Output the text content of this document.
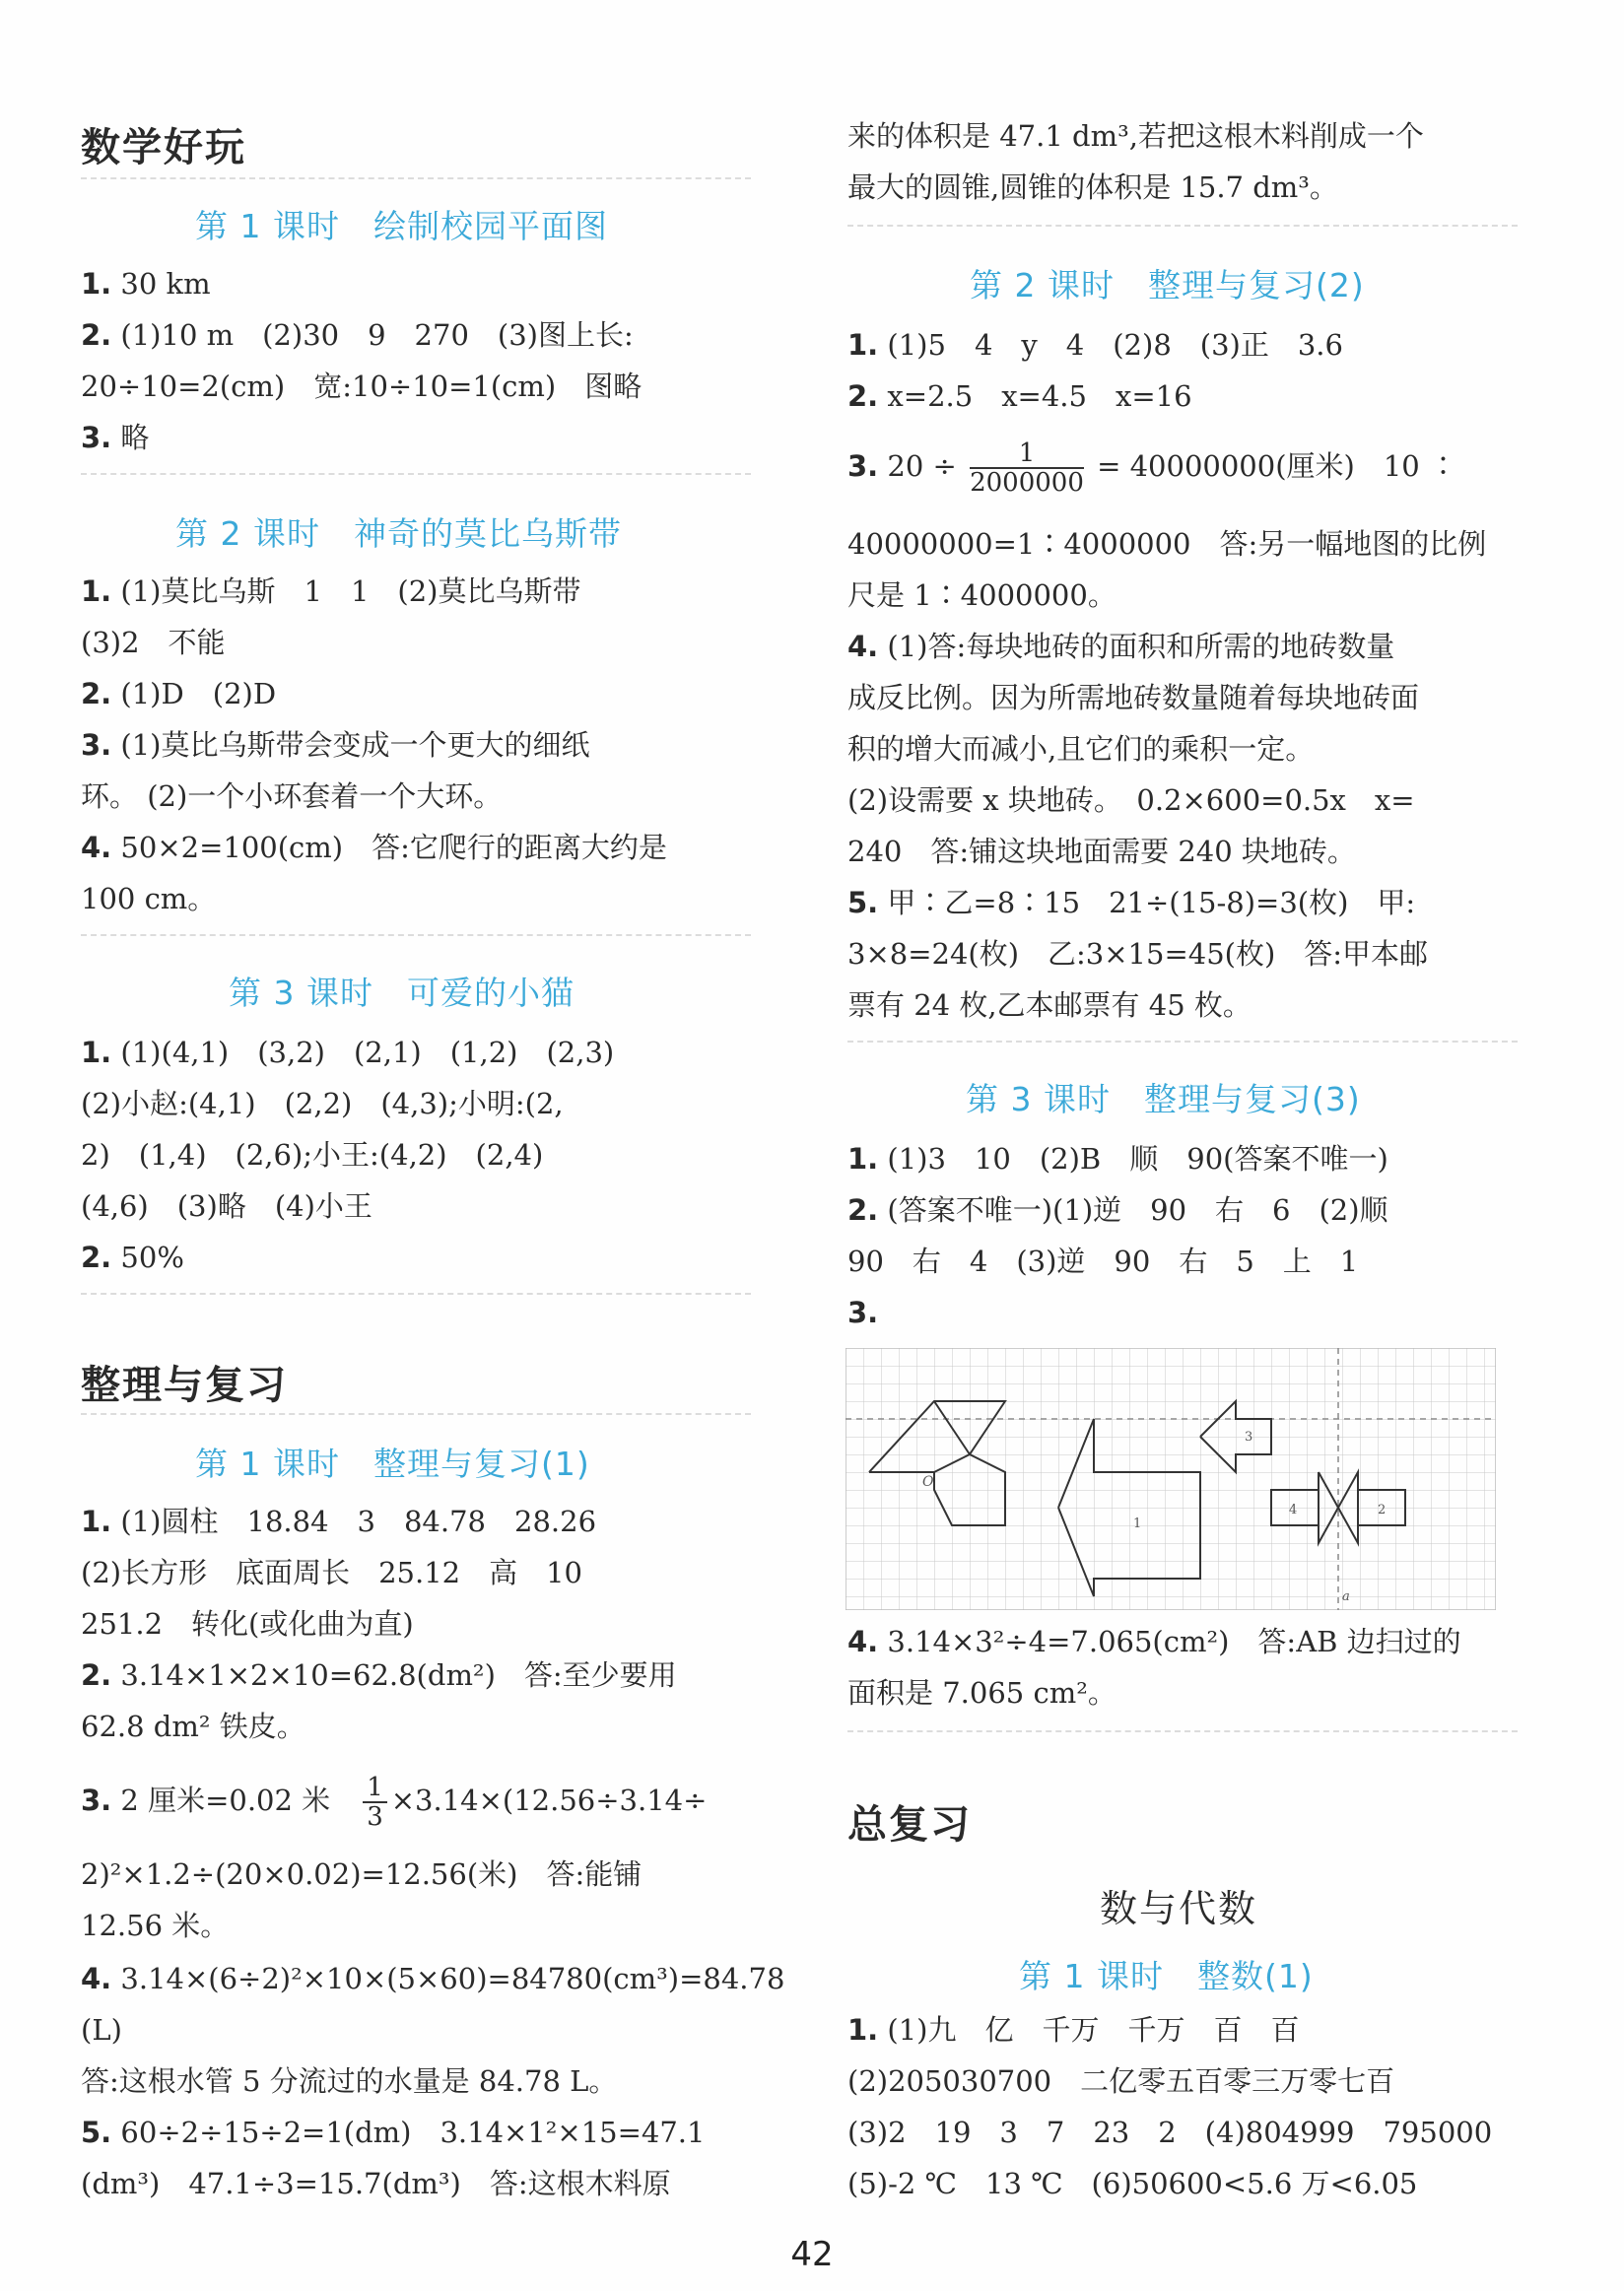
数学好玩
第 1 课时　绘制校园平面图
1. 30 km
2. (1)10 m　(2)30　9　270　(3)图上长:
20÷10=2(cm)　宽:10÷10=1(cm)　图略
3. 略
第 2 课时　神奇的莫比乌斯带
1. (1)莫比乌斯　1　1　(2)莫比乌斯带
(3)2　不能
2. (1)D　(2)D
3. (1)莫比乌斯带会变成一个更大的细纸
环。 (2)一个小环套着一个大环。
4. 50×2=100(cm)　答:它爬行的距离大约是
100 cm。
第 3 课时　可爱的小猫
1. (1)(4,1)　(3,2)　(2,1)　(1,2)　(2,3)
(2)小赵:(4,1)　(2,2)　(4,3);小明:(2,
2)　(1,4)　(2,6);小王:(4,2)　(2,4)
(4,6)　(3)略　(4)小王
2. 50%
整理与复习
第 1 课时　整理与复习(1)
1. (1)圆柱　18.84　3　84.78　28.26
(2)长方形　底面周长　25.12　高　10
251.2　转化(或化曲为直)
2. 3.14×1×2×10=62.8(dm²)　答:至少要用
62.8 dm² 铁皮。
3. 2 厘米=0.02 米　 $\frac{1}{3} \times 3.14\times(12.56\div 3.14\div$
2)²×1.2÷(20×0.02)=12.56(米)　答:能铺
12.56 米。
4. 3.14×(6÷2)²×10×(5×60)=84780(cm³)=84.78
(L)
答:这根水管 5 分流过的水量是 84.78 L。
5. 60÷2÷15÷2=1(dm)　3.14×1²×15=47.1
(dm³)　47.1÷3=15.7(dm³)　答:这根木料原
来的体积是 47.1 dm³,若把这根木料削成一个
最大的圆锥,圆锥的体积是 15.7 dm³。
第 2 课时　整理与复习(2)
1. (1)5　4　y　4　(2)8　(3)正　3.6
2. x=2.5　x=4.5　x=16
3. $20 \div \frac{1}{2000000} = 40000000$(厘米)　10 ∶
40000000=1∶4000000　答:另一幅地图的比例
尺是 1∶4000000。
4. (1)答:每块地砖的面积和所需的地砖数量
成反比例。因为所需地砖数量随着每块地砖面
积的增大而减小,且它们的乘积一定。
(2)设需要 x 块地砖。　0.2×600=0.5x　x=
240　答:铺这块地面需要 240 块地砖。
5. 甲∶乙=8∶15　21÷(15-8)=3(枚)　甲:
3×8=24(枚)　乙:3×15=45(枚)　答:甲本邮
票有 24 枚,乙本邮票有 45 枚。
第 3 课时　整理与复习(3)
1. (1)3　10　(2)B　顺　90(答案不唯一)
2. (答案不唯一)(1)逆　90　右　6　(2)顺
90　右　4　(3)逆　90　右　5　上　1
3.
O
1
3
4	2
a
4. 3.14×3²÷4=7.065(cm²)　答:AB 边扫过的
面积是 7.065 cm²。
总复习
数与代数
第 1 课时　整数(1)
1. (1)九　亿　千万　千万　百　百
(2)205030700　二亿零五百零三万零七百
(3)2　19　3　7　23　2　(4)804999　795000
(5)-2 ℃　13 ℃　(6)50600<5.6 万<6.05
42
